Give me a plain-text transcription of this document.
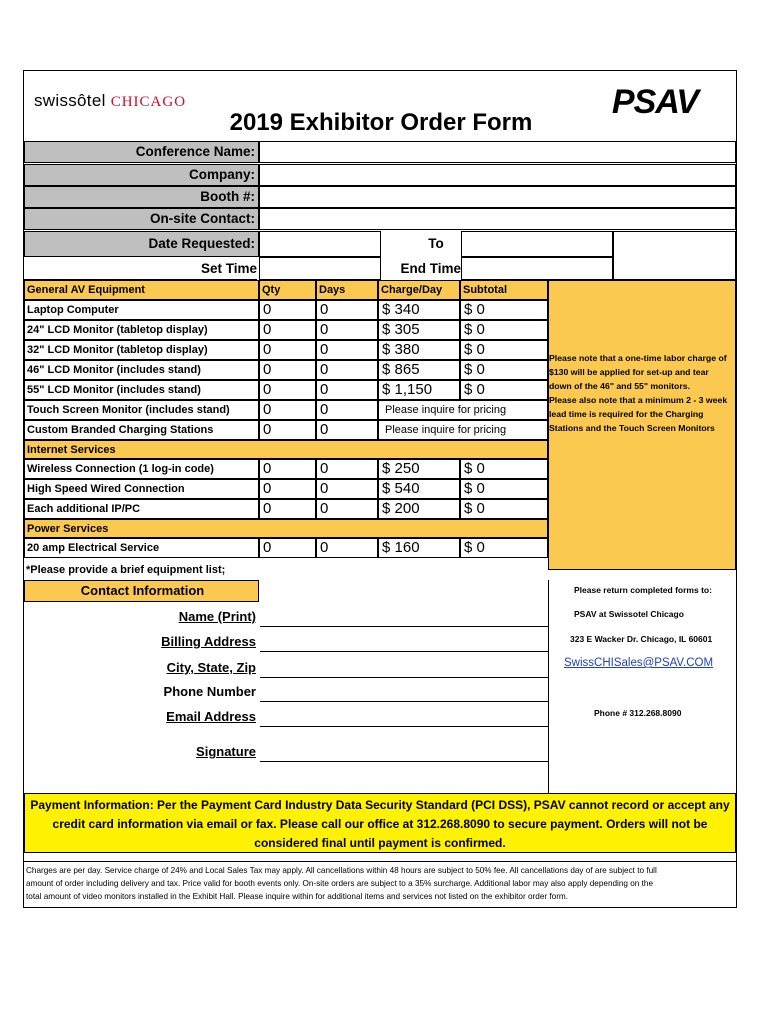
swissôtel CHICAGO	PSAV
2019 Exhibitor Order Form
Conference Name:
Company:
Booth #:
On-site Contact:
Date Requested:	To
Set Time	End Time
General AV Equipment	Qty	Days	Charge/Day	Subtotal
Please note that a one-time labor charge of
$130 will be applied for set-up and tear
down of the 46" and 55" monitors.
Please also note that a minimum 2 - 3 week
lead time is required for the Charging
Stations and the Touch Screen Monitors
Laptop Computer	0	0	$ 340	$ 0
24" LCD Monitor (tabletop display)	0	0	$ 305	$ 0
32" LCD Monitor (tabletop display)	0	0	$ 380	$ 0
46" LCD Monitor (includes stand)	0	0	$ 865	$ 0
55" LCD Monitor (includes stand)	0	0	$ 1,150	$ 0
Touch Screen Monitor (includes stand)	0	0	Please inquire for pricing
Custom Branded Charging Stations	0	0	Please inquire for pricing
Internet Services
Wireless Connection (1 log-in code)	0	0	$ 250	$ 0
High Speed Wired Connection	0	0	$ 540	$ 0
Each additional IP/PC	0	0	$ 200	$ 0
Power Services
20 amp Electrical Service	0	0	$ 160	$ 0
*Please provide a brief equipment list;
Contact Information
Name (Print)
Billing Address
City, State, Zip
Phone Number
Email Address
Signature
Please return completed forms to:
PSAV at Swissotel Chicago
323 E Wacker Dr. Chicago, IL 60601
SwissCHISales@PSAV.COM
Phone # 312.268.8090
Payment Information: Per the Payment Card Industry Data Security Standard (PCI DSS), PSAV cannot record or accept any
credit card information via email or fax. Please call our office at 312.268.8090 to secure payment. Orders will not be
considered final until payment is confirmed.
Charges are per day. Service charge of 24% and Local Sales Tax may apply. All cancellations within 48 hours are subject to 50% fee. All cancellations day of are subject to full
amount of order including delivery and tax. Price valid for booth events only. On-site orders are subject to a 35% surcharge. Additional labor may also apply depending on the
total amount of video monitors installed in the Exhibit Hall. Please inquire within for additional items and services not listed on the exhibitor order form.
